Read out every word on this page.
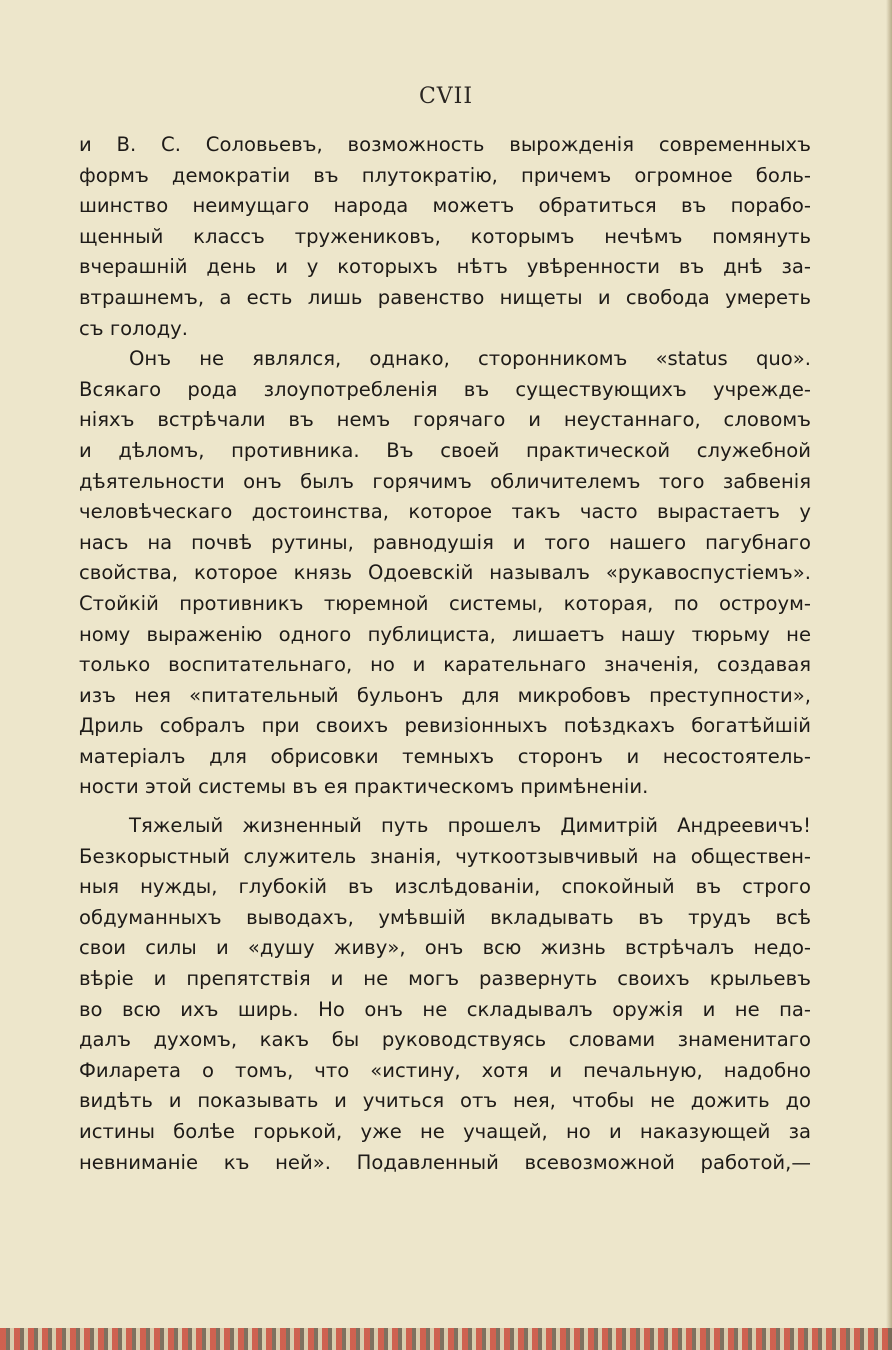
CVII
и В. С. Соловьевъ, возможность вырожденія современныхъ
формъ демократіи въ плутократію, причемъ огромное боль-
шинство неимущаго народа можетъ обратиться въ порабо-
щенный классъ тружениковъ, которымъ нечѣмъ помянуть
вчерашній день и у которыхъ нѣтъ увѣренности въ днѣ за-
втрашнемъ, а есть лишь равенство нищеты и свобода умереть
съ голоду.
Онъ не являлся, однако, сторонникомъ «status quo».
Всякаго рода злоупотребленія въ существующихъ учрежде-
ніяхъ встрѣчали въ немъ горячаго и неустаннаго, словомъ
и дѣломъ, противника. Въ своей практической служебной
дѣятельности онъ былъ горячимъ обличителемъ того забвенія
человѣческаго достоинства, которое такъ часто вырастаетъ у
насъ на почвѣ рутины, равнодушія и того нашего пагубнаго
свойства, которое князь Одоевскій называлъ «рукавоспустіемъ».
Стойкій противникъ тюремной системы, которая, по остроум-
ному выраженію одного публициста, лишаетъ нашу тюрьму не
только воспитательнаго, но и карательнаго значенія, создавая
изъ нея «питательный бульонъ для микробовъ преступности»,
Дриль собралъ при своихъ ревизіонныхъ поѣздкахъ богатѣйшій
матеріалъ для обрисовки темныхъ сторонъ и несостоятель-
ности этой системы въ ея практическомъ примѣненіи.
Тяжелый жизненный путь прошелъ Димитрій Андреевичъ!
Безкорыстный служитель знанія, чуткоотзывчивый на обществен-
ныя нужды, глубокій въ изслѣдованіи, спокойный въ строго
обдуманныхъ выводахъ, умѣвшій вкладывать въ трудъ всѣ
свои силы и «душу живу», онъ всю жизнь встрѣчалъ недо-
вѣріе и препятствія и не могъ развернуть своихъ крыльевъ
во всю ихъ ширь. Но онъ не складывалъ оружія и не па-
далъ духомъ, какъ бы руководствуясь словами знаменитаго
Филарета о томъ, что «истину, хотя и печальную, надобно
видѣть и показывать и учиться отъ нея, чтобы не дожить до
истины болѣе горькой, уже не учащей, но и наказующей за
невниманіе къ ней». Подавленный всевозможной работой,—
